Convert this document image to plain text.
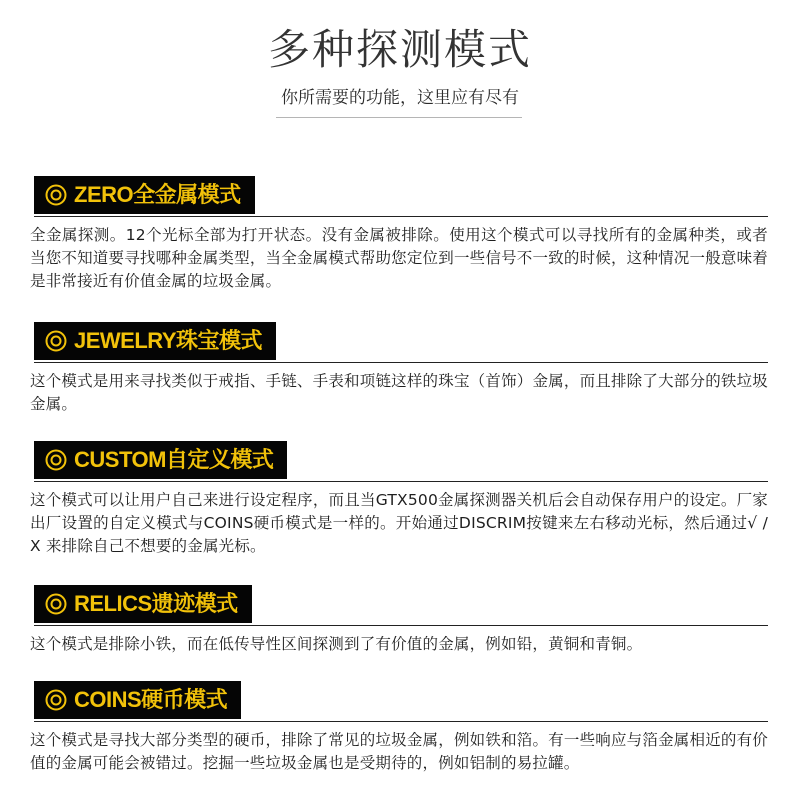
多种探测模式
你所需要的功能，这里应有尽有
ZERO全金属模式

全金属探测。12个光标全部为打开状态。没有金属被排除。使用这个模式可以寻找所有的金属种类，或者当您不知道要寻找哪种金属类型，当全金属模式帮助您定位到一些信号不一致的时候，这种情况一般意味着是非常接近有价值金属的垃圾金属。

JEWELRY珠宝模式

这个模式是用来寻找类似于戒指、手链、手表和项链这样的珠宝（首饰）金属，而且排除了大部分的铁垃圾金属。

CUSTOM自定义模式

这个模式可以让用户自己来进行设定程序，而且当GTX500金属探测器关机后会自动保存用户的设定。厂家出厂设置的自定义模式与COINS硬币模式是一样的。开始通过DISCRIM按键来左右移动光标，然后通过√ / X 来排除自己不想要的金属光标。

RELICS遗迹模式

这个模式是排除小铁，而在低传导性区间探测到了有价值的金属，例如铅，黄铜和青铜。

COINS硬币模式

这个模式是寻找大部分类型的硬币，排除了常见的垃圾金属，例如铁和箔。有一些响应与箔金属相近的有价值的金属可能会被错过。挖掘一些垃圾金属也是受期待的，例如铝制的易拉罐。
